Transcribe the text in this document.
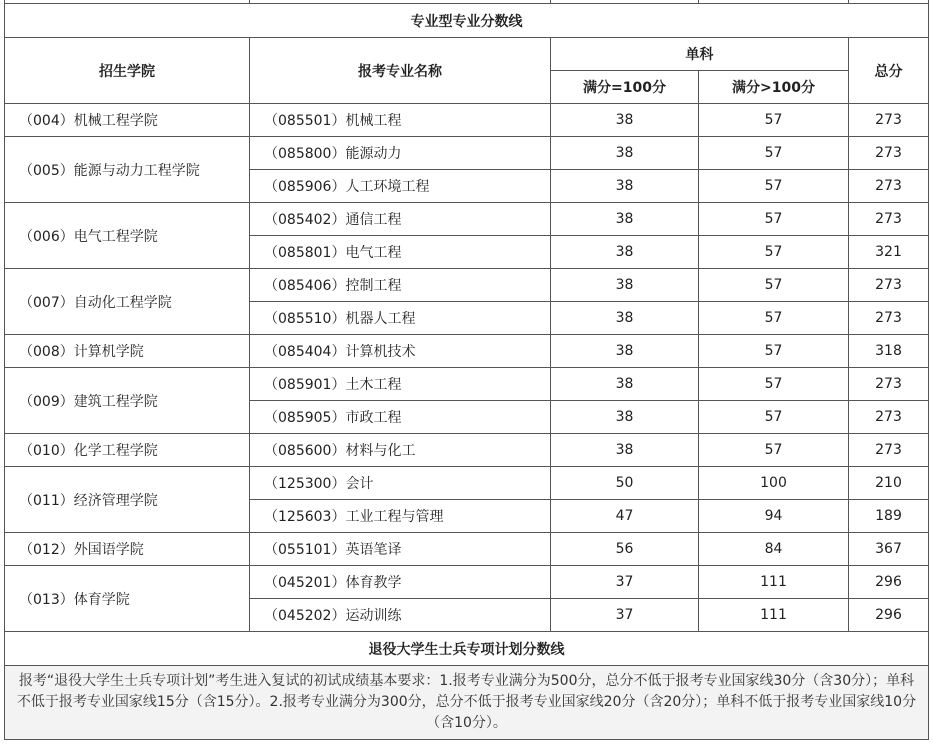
专业型专业分数线				
招生学院	报考专业名称	单科		总分
		满分=100分	满分>100分	
（004）机械工程学院	（085501）机械工程	38	57	273
（005）能源与动力工程学院	（085800）能源动力	38	57	273
	（085906）人工环境工程	38	57	273
（006）电气工程学院	（085402）通信工程	38	57	273
	（085801）电气工程	38	57	321
（007）自动化工程学院	（085406）控制工程	38	57	273
	（085510）机器人工程	38	57	273
（008）计算机学院	（085404）计算机技术	38	57	318
（009）建筑工程学院	（085901）土木工程	38	57	273
	（085905）市政工程	38	57	273
（010）化学工程学院	（085600）材料与化工	38	57	273
（011）经济管理学院	（125300）会计	50	100	210
	（125603）工业工程与管理	47	94	189
（012）外国语学院	（055101）英语笔译	56	84	367
（013）体育学院	（045201）体育教学	37	111	296
	（045202）运动训练	37	111	296
退役大学生士兵专项计划分数线				
报考“退役大学生士兵专项计划”考生进入复试的初试成绩基本要求：1.报考专业满分为500分，总分不低于报考专业国家线30分（含30分）；单科不低于报考专业国家线15分（含15分）。2.报考专业满分为300分，总分不低于报考专业国家线20分（含20分）；单科不低于报考专业国家线10分（含10分）。				
